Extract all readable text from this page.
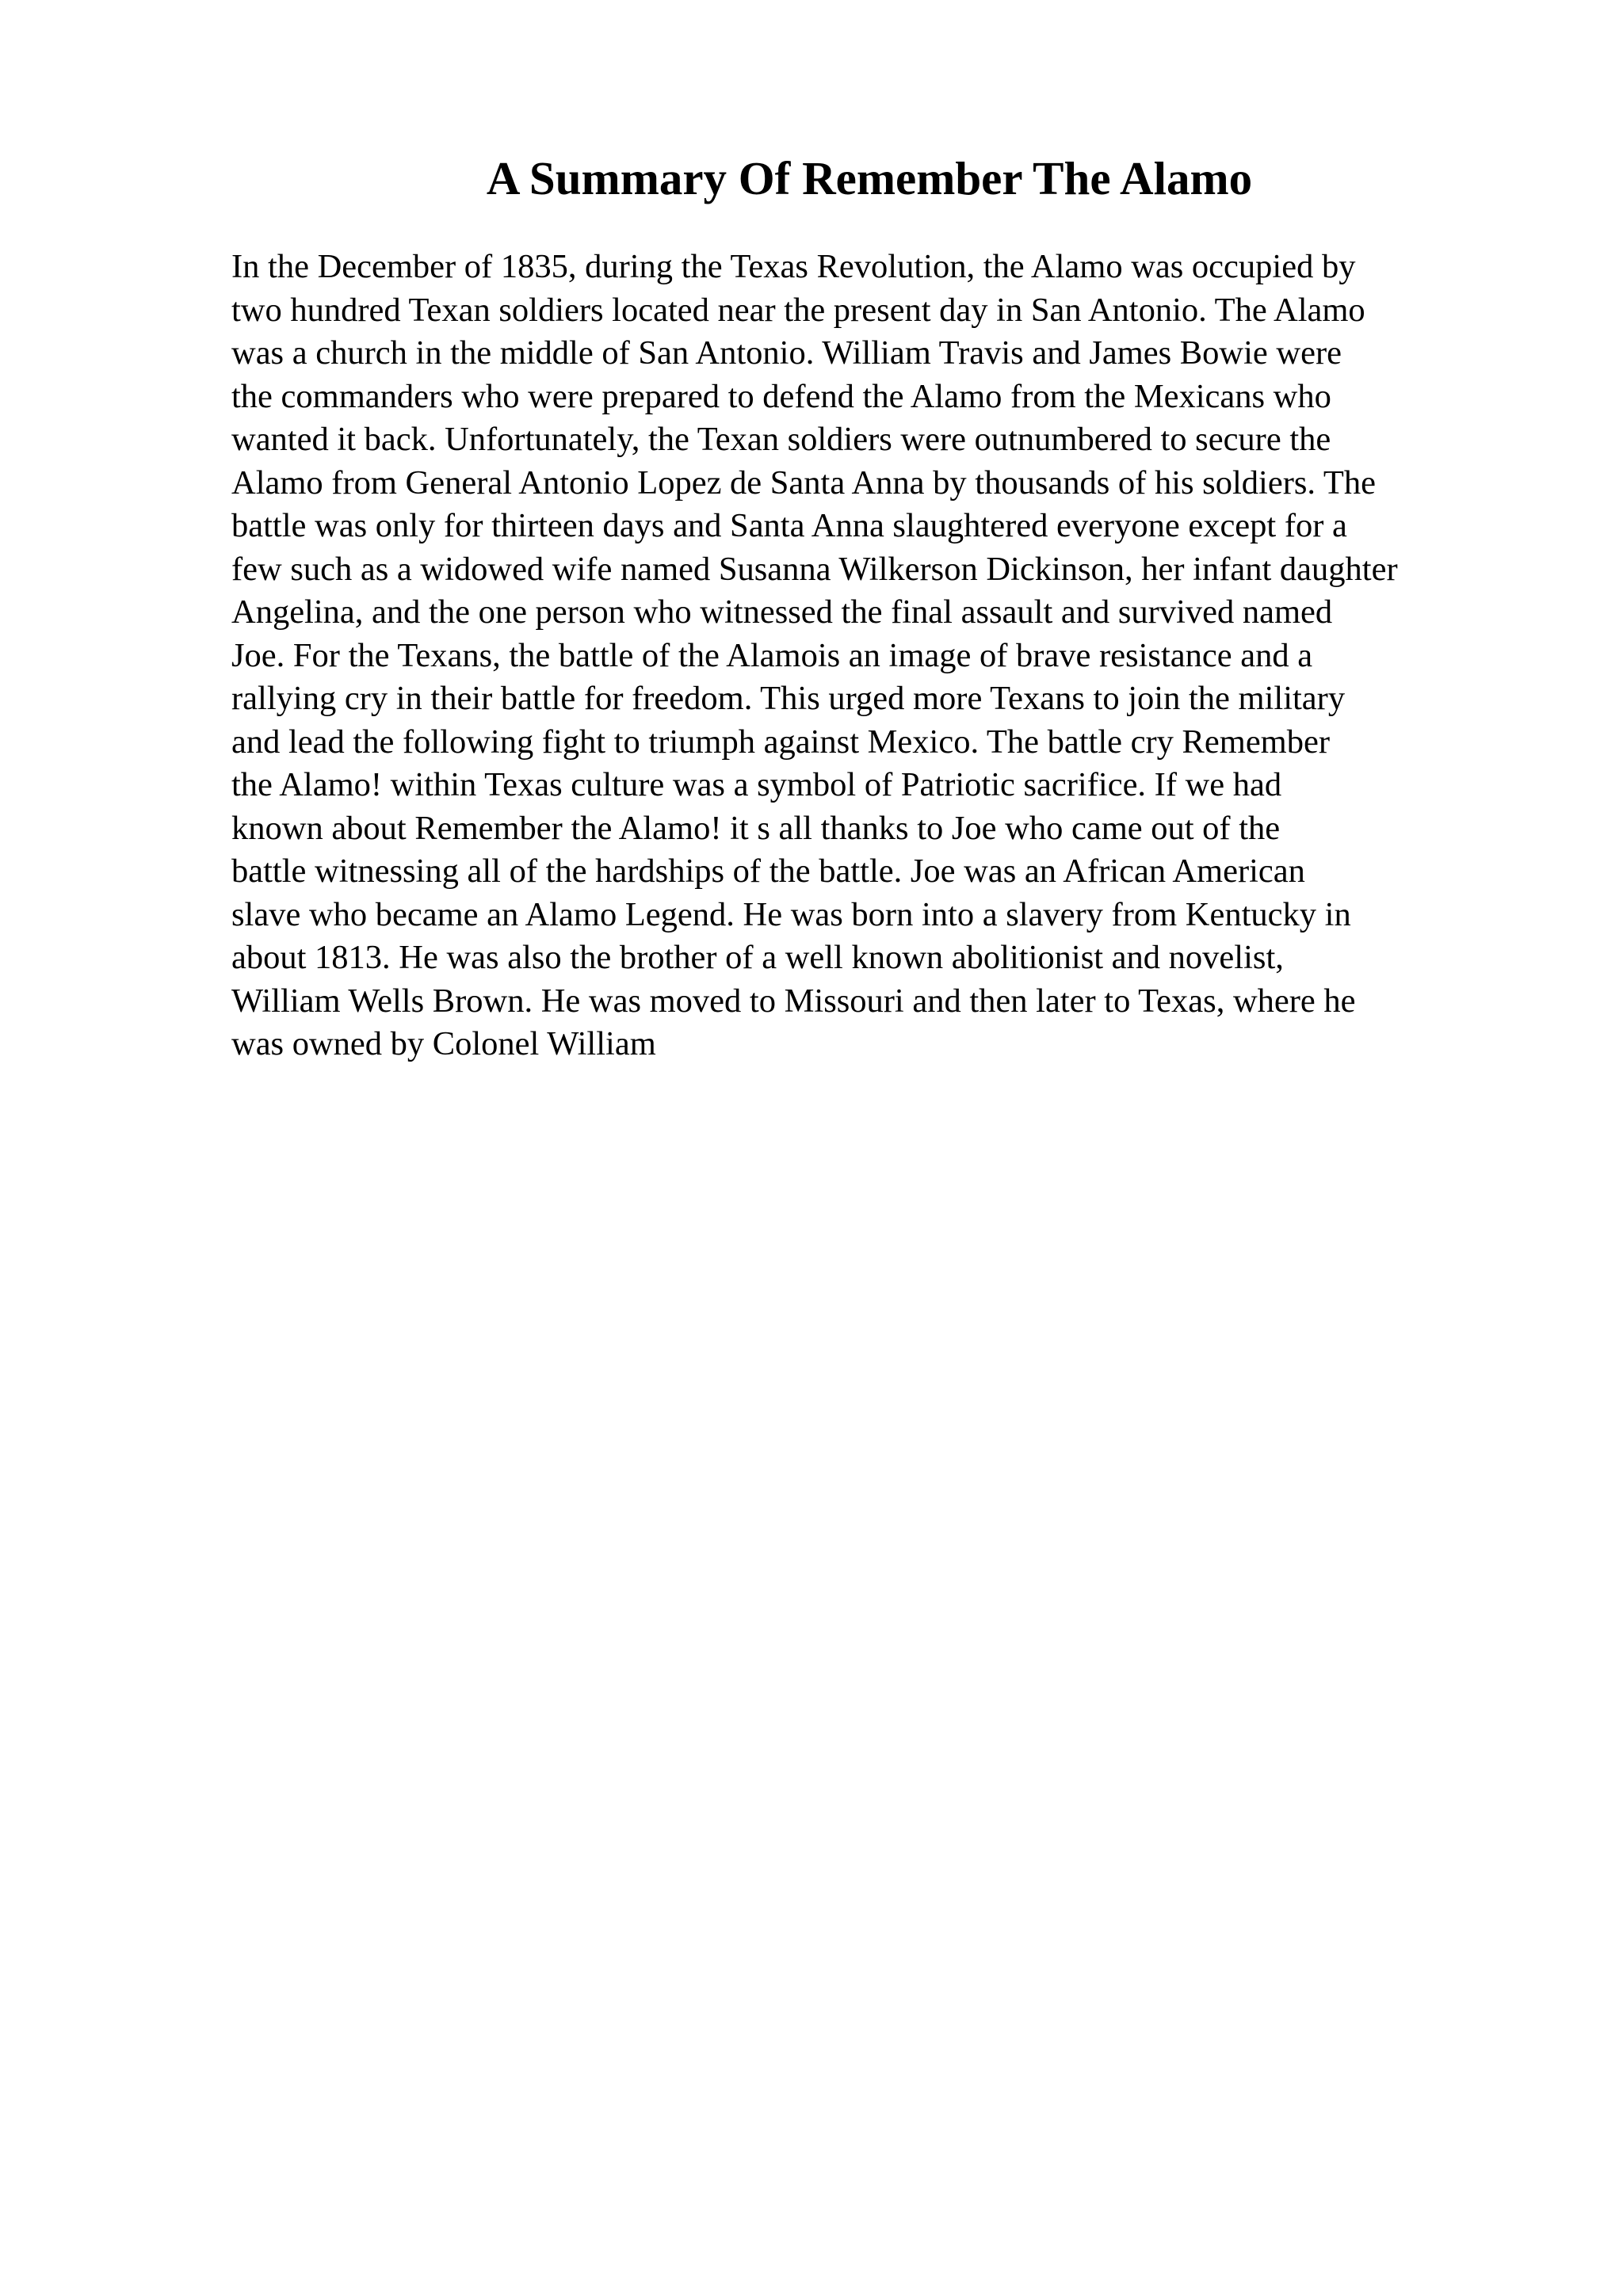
A Summary Of Remember The Alamo
In the December of 1835, during the Texas Revolution, the Alamo was occupied by
two hundred Texan soldiers located near the present day in San Antonio. The Alamo
was a church in the middle of San Antonio. William Travis and James Bowie were
the commanders who were prepared to defend the Alamo from the Mexicans who
wanted it back. Unfortunately, the Texan soldiers were outnumbered to secure the
Alamo from General Antonio Lopez de Santa Anna by thousands of his soldiers. The
battle was only for thirteen days and Santa Anna slaughtered everyone except for a
few such as a widowed wife named Susanna Wilkerson Dickinson, her infant daughter
Angelina, and the one person who witnessed the final assault and survived named
Joe. For the Texans, the battle of the Alamois an image of brave resistance and a
rallying cry in their battle for freedom. This urged more Texans to join the military
and lead the following fight to triumph against Mexico. The battle cry Remember
the Alamo! within Texas culture was a symbol of Patriotic sacrifice. If we had
known about Remember the Alamo! it s all thanks to Joe who came out of the
battle witnessing all of the hardships of the battle. Joe was an African American
slave who became an Alamo Legend. He was born into a slavery from Kentucky in
about 1813. He was also the brother of a well known abolitionist and novelist,
William Wells Brown. He was moved to Missouri and then later to Texas, where he
was owned by Colonel William
